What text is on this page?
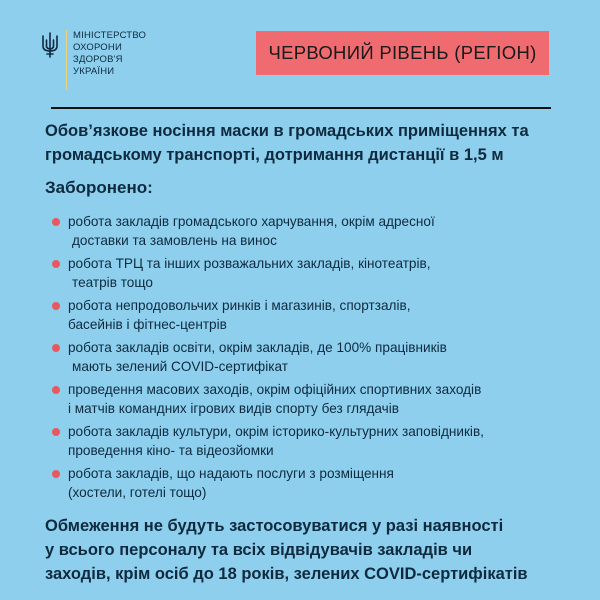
МІНІСТЕРСТВО
ОХОРОНИ
ЗДОРОВ'Я
УКРАЇНИ
ЧЕРВОНИЙ РІВЕНЬ (РЕГІОН)
Обов’язкове носіння маски в громадських приміщеннях та
громадському транспорті, дотримання дистанції в 1,5 м
Заборонено:
робота закладів громадського харчування, окрім адресної
доставки та замовлень на винос
робота ТРЦ та інших розважальних закладів, кінотеатрів,
театрів тощо
робота непродовольчих ринків і магазинів, спортзалів,
басейнів і фітнес-центрів
робота закладів освіти, окрім закладів, де 100% працівників
мають зелений COVID-сертифікат
проведення масових заходів, окрім офіційних спортивних заходів
і матчів командних ігрових видів спорту без глядачів
робота закладів культури, окрім історико-культурних заповідників,
проведення кіно- та відеозйомки
робота закладів, що надають послуги з розміщення
(хостели, готелі тощо)
Обмеження не будуть застосовуватися у разі наявності
у всього персоналу та всіх відвідувачів закладів чи
заходів, крім осіб до 18 років, зелених COVID-сертифікатів
